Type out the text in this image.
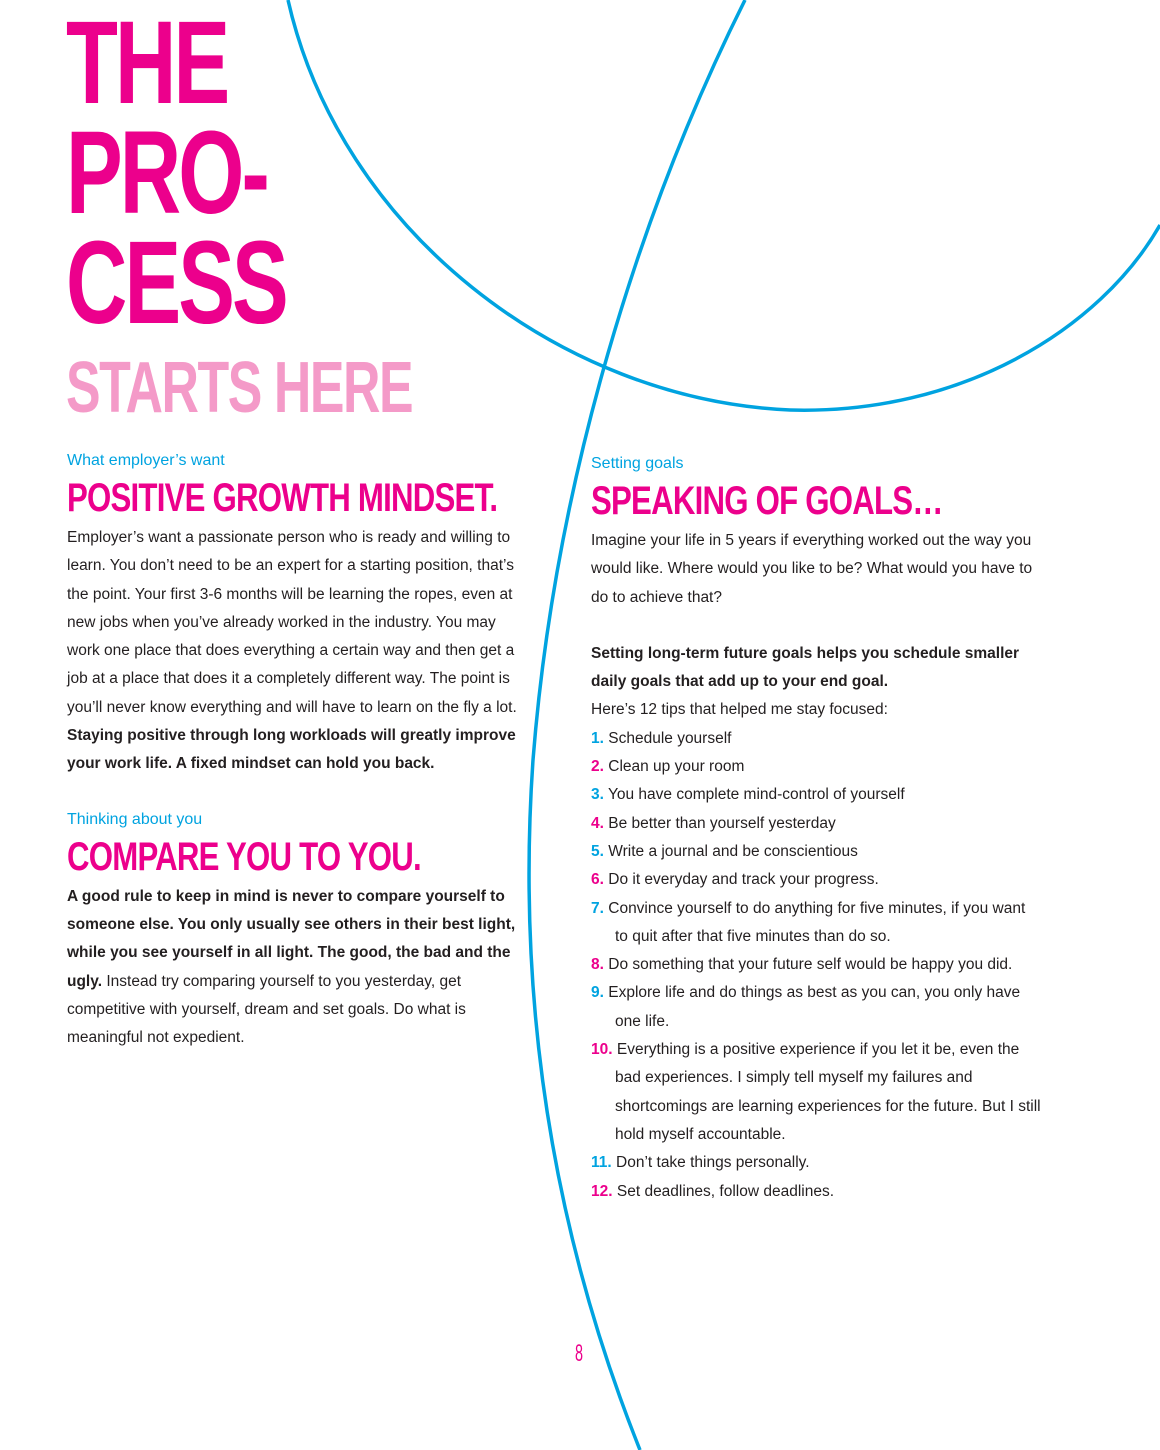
THE
PRO-
CESS
STARTS HERE
What employer’s want
POSITIVE GROWTH MINDSET.

Employer’s want a passionate person who is ready and willing to learn. You don’t need to be an expert for a starting position, that’s the point. Your first 3-6 months will be learning the ropes, even at new jobs when you’ve already worked in the industry. You may work one place that does everything a certain way and then get a job at a place that does it a completely different way. The point is you’ll never know everything and will have to learn on the fly a lot. Staying positive through long workloads will greatly improve your work life. A fixed mindset can hold you back.

Thinking about you
COMPARE YOU TO YOU.

A good rule to keep in mind is never to compare yourself to someone else. You only usually see others in their best light, while you see yourself in all light. The good, the bad and the ugly. Instead try comparing yourself to you yesterday, get competitive with yourself, dream and set goals. Do what is meaningful not expedient.

Setting goals
SPEAKING OF GOALS…

Imagine your life in 5 years if everything worked out the way you would like. Where would you like to be? What would you have to do to achieve that?

Setting long-term future goals helps you schedule smaller daily goals that add up to your end goal.

Here’s 12 tips that helped me stay focused:

1. Schedule yourself
2. Clean up your room
3. You have complete mind-control of yourself
4. Be better than yourself yesterday
5. Write a journal and be conscientious
6. Do it everyday and track your progress.
7. Convince yourself to do anything for five minutes, if you want to quit after that five minutes than do so.
8. Do something that your future self would be happy you did.
9. Explore life and do things as best as you can, you only have one life.
10. Everything is a positive experience if you let it be, even the bad experiences. I simply tell myself my failures and shortcomings are learning experiences for the future. But I still hold myself accountable.
11. Don’t take things personally.
12. Set deadlines, follow deadlines.
8
